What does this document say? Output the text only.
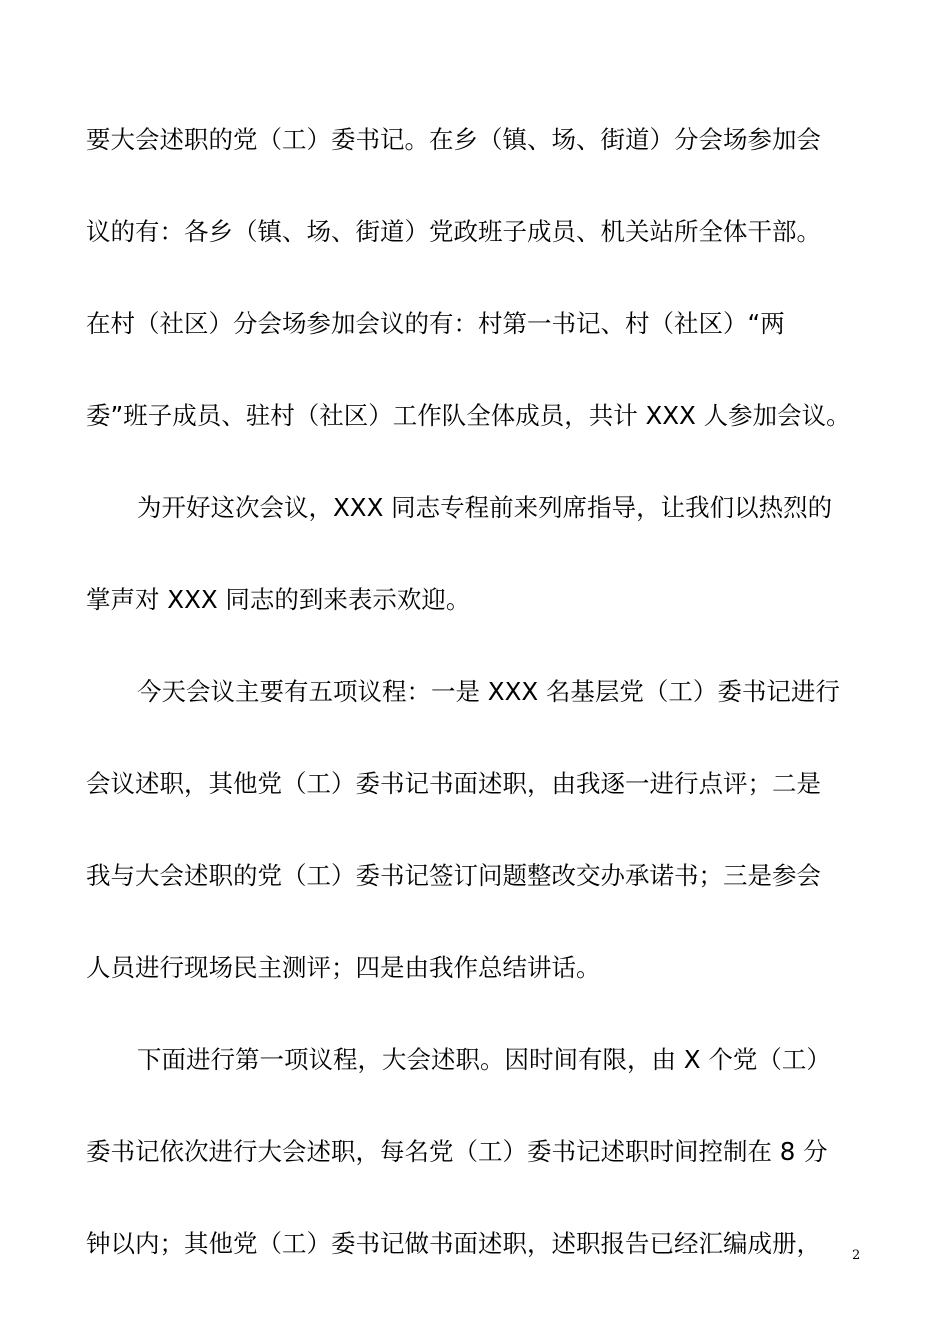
要大会述职的党（工）委书记。在乡（镇、场、街道）分会场参加会
议的有：各乡（镇、场、街道）党政班子成员、机关站所全体干部。
在村（社区）分会场参加会议的有：村第一书记、村（社区）“两
委”班子成员、驻村（社区）工作队全体成员，共计 XXX 人参加会议。
为开好这次会议，XXX 同志专程前来列席指导，让我们以热烈的
掌声对 XXX 同志的到来表示欢迎。
今天会议主要有五项议程：一是 XXX 名基层党（工）委书记进行
会议述职，其他党（工）委书记书面述职，由我逐一进行点评；二是
我与大会述职的党（工）委书记签订问题整改交办承诺书；三是参会
人员进行现场民主测评；四是由我作总结讲话。
下面进行第一项议程，大会述职。因时间有限，由 X 个党（工）
委书记依次进行大会述职，每名党（工）委书记述职时间控制在 8 分
钟以内；其他党（工）委书记做书面述职，述职报告已经汇编成册，	2
